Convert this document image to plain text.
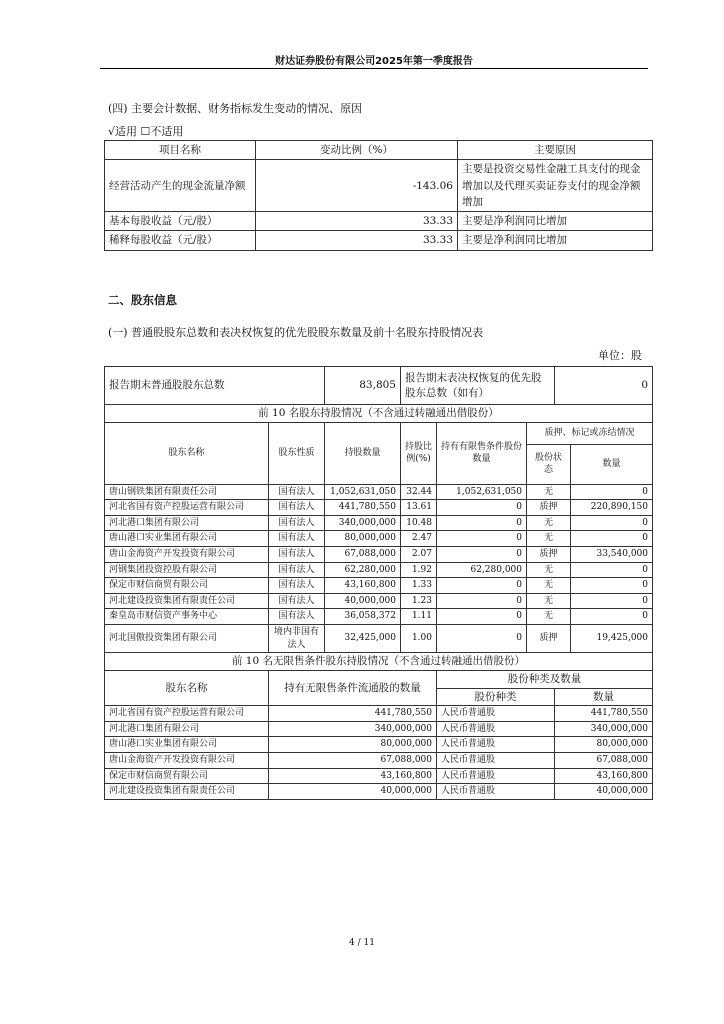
财达证券股份有限公司2025年第一季度报告
(四) 主要会计数据、财务指标发生变动的情况、原因
√适用 ☐不适用
项目名称	变动比例（%）	主要原因
经营活动产生的现金流量净额	-143.06	主要是投资交易性金融工具支付的现金增加以及代理买卖证券支付的现金净额增加
基本每股收益（元/股）	33.33	主要是净利润同比增加
稀释每股收益（元/股）	33.33	主要是净利润同比增加
二、股东信息
(一) 普通股股东总数和表决权恢复的优先股股东数量及前十名股东持股情况表
单位：股
报告期末普通股股东总数		83,805	报告期末表决权恢复的优先股股东总数（如有）			0	
前 10 名股东持股情况（不含通过转融通出借股份）							
股东名称	股东性质	持股数量	持股比例(%)	持有有限售条件股份数量	质押、标记或冻结情况		
					股份状态		数量
唐山钢铁集团有限责任公司	国有法人	1,052,631,050	32.44	1,052,631,050	无		0
河北省国有资产控股运营有限公司	国有法人	441,780,550	13.61	0	质押		220,890,150
河北港口集团有限公司	国有法人	340,000,000	10.48	0	无		0
唐山港口实业集团有限公司	国有法人	80,000,000	2.47	0	无		0
唐山金海资产开发投资有限公司	国有法人	67,088,000	2.07	0	质押		33,540,000
河钢集团投资控股有限公司	国有法人	62,280,000	1.92	62,280,000	无		0
保定市财信商贸有限公司	国有法人	43,160,800	1.33	0	无		0
河北建设投资集团有限责任公司	国有法人	40,000,000	1.23	0	无		0
秦皇岛市财信资产事务中心	国有法人	36,058,372	1.11	0	无		0
河北国傲投资集团有限公司	境内非国有法人	32,425,000	1.00	0	质押		19,425,000
前 10 名无限售条件股东持股情况（不含通过转融通出借股份）							
股东名称	持有无限售条件流通股的数量			股份种类及数量			
				股份种类		数量	
河北省国有资产控股运营有限公司	441,780,550			人民币普通股		441,780,550	
河北港口集团有限公司	340,000,000			人民币普通股		340,000,000	
唐山港口实业集团有限公司	80,000,000			人民币普通股		80,000,000	
唐山金海资产开发投资有限公司	67,088,000			人民币普通股		67,088,000	
保定市财信商贸有限公司	43,160,800			人民币普通股		43,160,800	
河北建设投资集团有限责任公司	40,000,000			人民币普通股		40,000,000	
4 / 11
